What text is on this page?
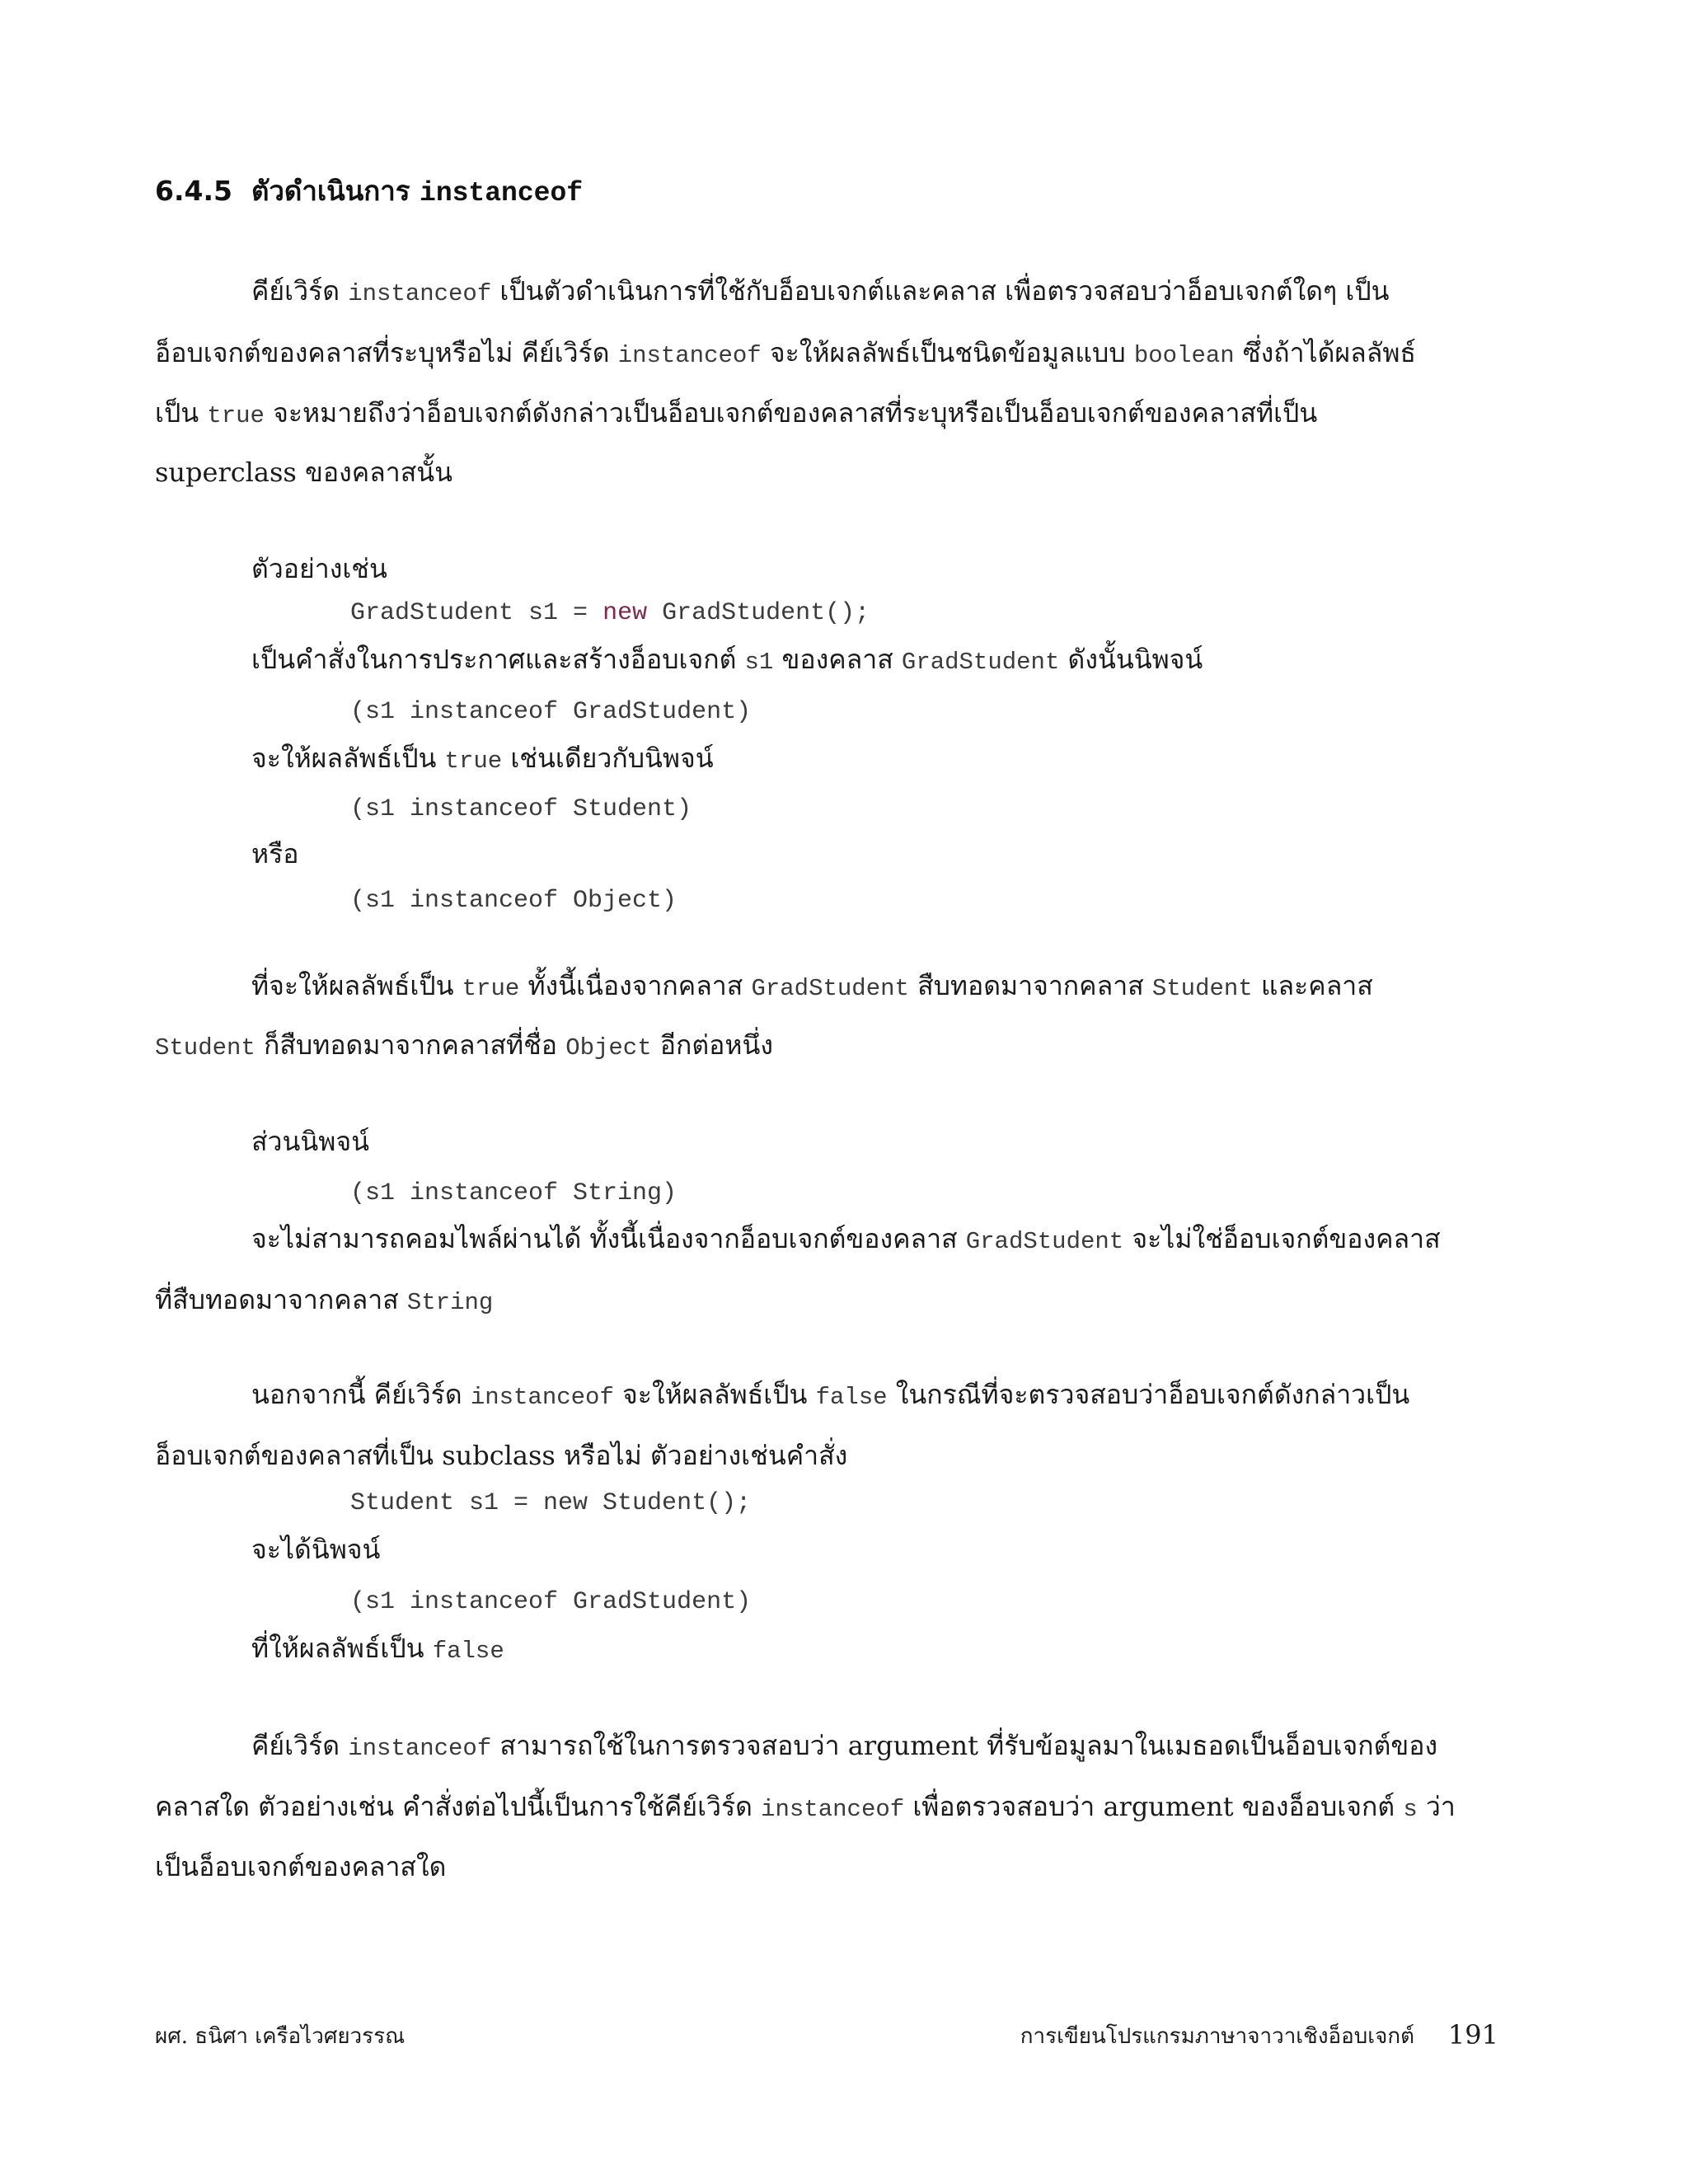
6.4.5 ตัวดำเนินการ instanceof
คีย์เวิร์ด instanceof เป็นตัวดำเนินการที่ใช้กับอ็อบเจกต์และคลาส เพื่อตรวจสอบว่าอ็อบเจกต์ใดๆ เป็น
อ็อบเจกต์ของคลาสที่ระบุหรือไม่ คีย์เวิร์ด instanceof จะให้ผลลัพธ์เป็นชนิดข้อมูลแบบ boolean ซึ่งถ้าได้ผลลัพธ์
เป็น true จะหมายถึงว่าอ็อบเจกต์ดังกล่าวเป็นอ็อบเจกต์ของคลาสที่ระบุหรือเป็นอ็อบเจกต์ของคลาสที่เป็น
superclass ของคลาสนั้น
ตัวอย่างเช่น
GradStudent s1 = new GradStudent();
เป็นคำสั่งในการประกาศและสร้างอ็อบเจกต์ s1 ของคลาส GradStudent ดังนั้นนิพจน์
(s1 instanceof GradStudent)
จะให้ผลลัพธ์เป็น true เช่นเดียวกับนิพจน์
(s1 instanceof Student)
หรือ
(s1 instanceof Object)
ที่จะให้ผลลัพธ์เป็น true ทั้งนี้เนื่องจากคลาส GradStudent สืบทอดมาจากคลาส Student และคลาส
Student ก็สืบทอดมาจากคลาสที่ชื่อ Object อีกต่อหนึ่ง
ส่วนนิพจน์
(s1 instanceof String)
จะไม่สามารถคอมไพล์ผ่านได้ ทั้งนี้เนื่องจากอ็อบเจกต์ของคลาส GradStudent จะไม่ใช่อ็อบเจกต์ของคลาส
ที่สืบทอดมาจากคลาส String
นอกจากนี้ คีย์เวิร์ด instanceof จะให้ผลลัพธ์เป็น false ในกรณีที่จะตรวจสอบว่าอ็อบเจกต์ดังกล่าวเป็น
อ็อบเจกต์ของคลาสที่เป็น subclass หรือไม่ ตัวอย่างเช่นคำสั่ง
Student s1 = new Student();
จะได้นิพจน์
(s1 instanceof GradStudent)
ที่ให้ผลลัพธ์เป็น false
คีย์เวิร์ด instanceof สามารถใช้ในการตรวจสอบว่า argument ที่รับข้อมูลมาในเมธอดเป็นอ็อบเจกต์ของ
คลาสใด ตัวอย่างเช่น คำสั่งต่อไปนี้เป็นการใช้คีย์เวิร์ด instanceof เพื่อตรวจสอบว่า argument ของอ็อบเจกต์ s ว่า
เป็นอ็อบเจกต์ของคลาสใด
ผศ. ธนิศา เครือไวศยวรรณ	การเขียนโปรแกรมภาษาจาวาเชิงอ็อบเจกต์ 191
